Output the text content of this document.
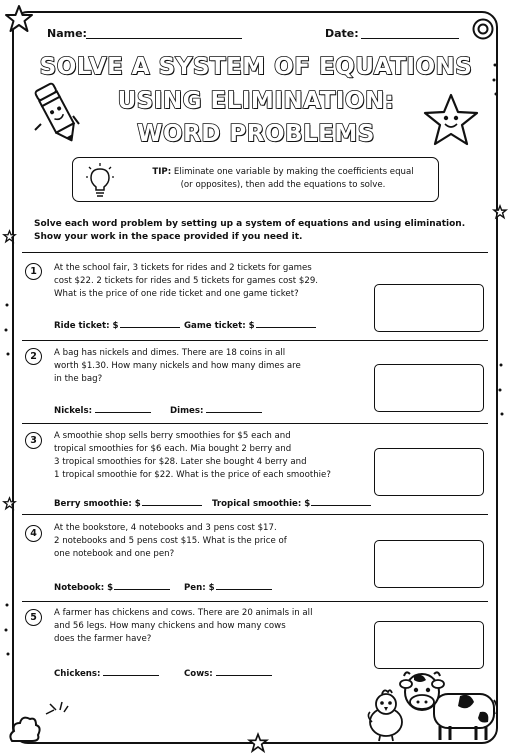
Name:	Date:
SOLVE A SYSTEM OF EQUATIONS
USING ELIMINATION:
WORD PROBLEMS
TIP: Eliminate one variable by making the coefficients equal
(or opposites), then add the equations to solve.
Solve each word problem by setting up a system of equations and using elimination.
Show your work in the space provided if you need it.
1	At the school fair, 3 tickets for rides and 2 tickets for games
cost $22. 2 tickets for rides and 5 tickets for games cost $29.
What is the price of one ride ticket and one game ticket?
Ride ticket: $	Game ticket: $
2	A bag has nickels and dimes. There are 18 coins in all
worth $1.30. How many nickels and how many dimes are
in the bag?
Nickels:	Dimes:
3	A smoothie shop sells berry smoothies for $5 each and
tropical smoothies for $6 each. Mia bought 2 berry and
3 tropical smoothies for $28. Later she bought 4 berry and
1 tropical smoothie for $22. What is the price of each smoothie?
Berry smoothie: $	Tropical smoothie: $
4	At the bookstore, 4 notebooks and 3 pens cost $17.
2 notebooks and 5 pens cost $15. What is the price of
one notebook and one pen?
Notebook: $	Pen: $
5	A farmer has chickens and cows. There are 20 animals in all
and 56 legs. How many chickens and how many cows
does the farmer have?
Chickens:	Cows:
